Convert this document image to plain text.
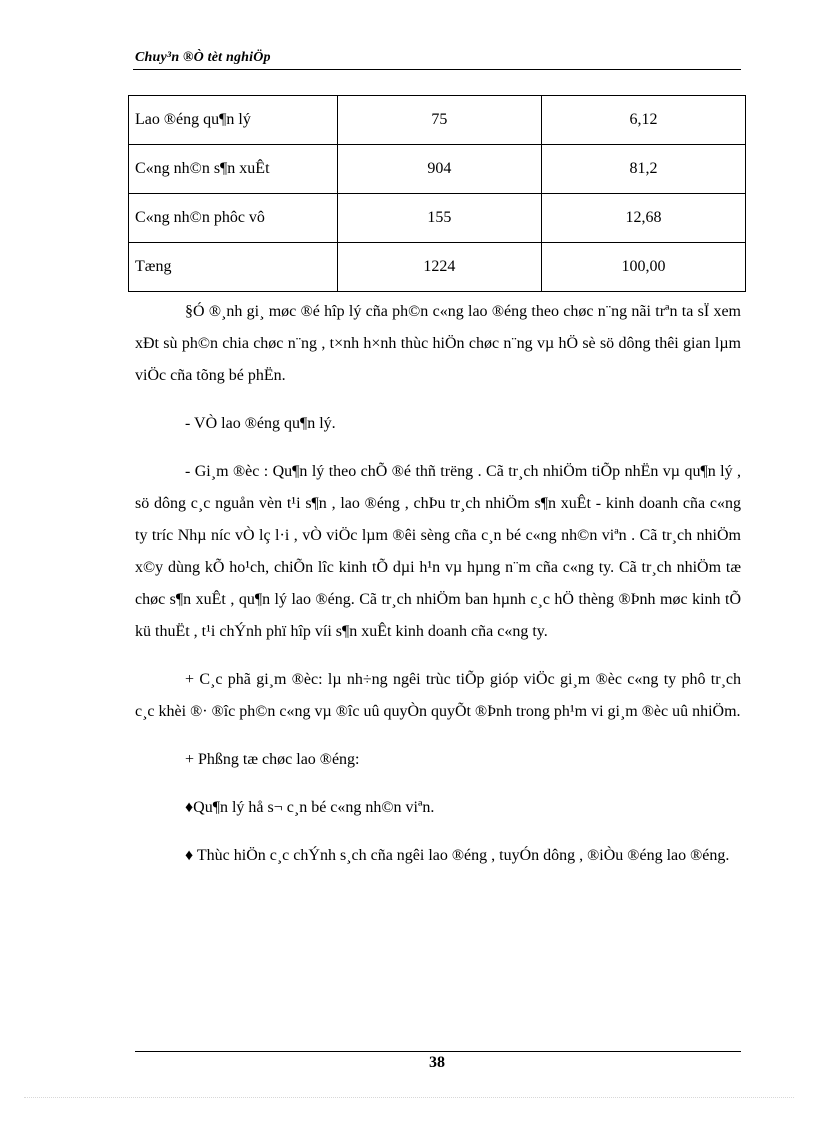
Chuy³n ®Ò tèt nghiÖp
Lao ®éng qu¶n lý	75	6,12
C«ng nh©n s¶n xuÊt	904	81,2
C«ng nh©n phôc vô	155	12,68
Tæng	1224	100,00

§Ó ®¸nh gi¸ møc ®é hîp lý cña ph©n c«ng lao ®éng theo chøc n¨ng nãi trªn ta sÏ xem xÐt sù ph©n chia chøc n¨ng , t×nh h×nh thùc hiÖn chøc n¨ng vµ hÖ sè sö dông thêi gian lµm viÖc cña tõng bé phËn.

- VÒ lao ®éng qu¶n lý.

- Gi¸m ®èc : Qu¶n lý theo chÕ ®é thñ trëng . Cã tr¸ch nhiÖm tiÕp nhËn vµ qu¶n lý , sö dông c¸c nguån vèn t¹i s¶n , lao ®éng , chÞu tr¸ch nhiÖm s¶n xuÊt - kinh doanh cña c«ng ty tríc Nhµ níc vÒ lç l·i , vÒ viÖc lµm ®êi sèng cña c¸n bé c«ng nh©n viªn . Cã tr¸ch nhiÖm x©y dùng kÕ ho¹ch, chiÕn lîc kinh tÕ dµi h¹n vµ hµng n¨m cña c«ng ty. Cã tr¸ch nhiÖm tæ chøc s¶n xuÊt , qu¶n lý lao ®éng. Cã tr¸ch nhiÖm ban hµnh c¸c hÖ thèng ®Þnh møc kinh tÕ kü thuËt , t¹i chÝnh phï hîp víi s¶n xuÊt kinh doanh cña c«ng ty.

+ C¸c phã gi¸m ®èc: lµ nh÷ng ngêi trùc tiÕp gióp viÖc gi¸m ®èc c«ng ty phô tr¸ch c¸c khèi ®· ®îc ph©n c«ng vµ ®îc uû quyÒn quyÕt ®Þnh trong ph¹m vi gi¸m ®èc uû nhiÖm.

+ Phßng tæ chøc lao ®éng:

♦Qu¶n lý hå s¬ c¸n bé c«ng nh©n viªn.

♦ Thùc hiÖn c¸c chÝnh s¸ch cña ngêi lao ®éng , tuyÓn dông , ®iÒu ®éng lao ®éng.

38
